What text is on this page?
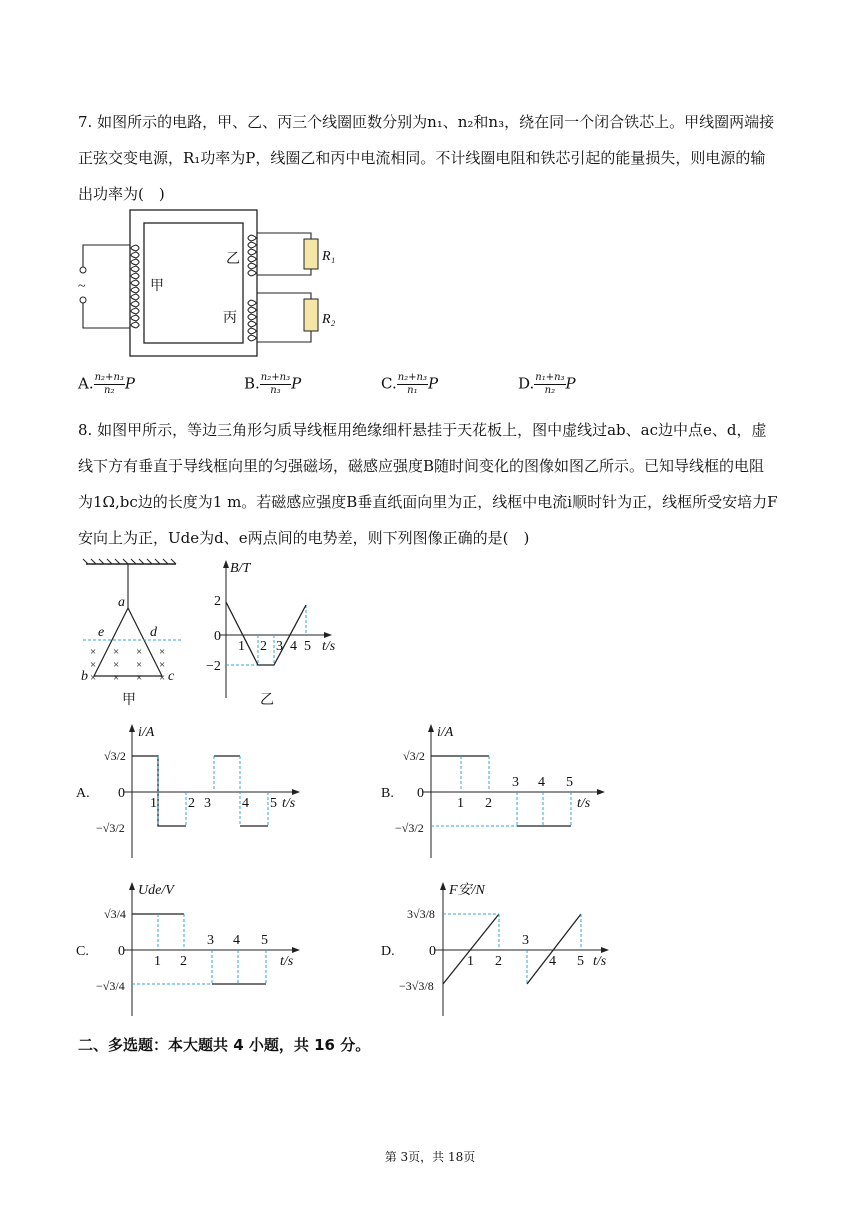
7. 如图所示的电路，甲、乙、丙三个线圈匝数分别为n₁、n₂和n₃，绕在同一个闭合铁芯上。甲线圈两端接正弦交变电源，R₁功率为P，线圈乙和丙中电流相同。不计线圈电阻和铁芯引起的能量损失，则电源的输出功率为(　)
~	甲
乙
丙
R₁
R₂
A. $\frac{\text{n₂+n₃}}{\text{n₂}}$ P	B. $\frac{\text{n₂+n₃}}{\text{n₃}}$ P	C. $\frac{\text{n₂+n₃}}{\text{n₁}}$ P	D. $\frac{\text{n₁+n₃}}{\text{n₂}}$ P
8. 如图甲所示，等边三角形匀质导线框用绝缘细杆悬挂于天花板上，图中虚线过ab、ac边中点e、d，虚线下方有垂直于导线框向里的匀强磁场，磁感应强度B随时间变化的图像如图乙所示。已知导线框的电阻为1Ω,bc边的长度为1 m。若磁感应强度B垂直纸面向里为正，线框中电流i顺时针为正，线框所受安培力F安向上为正，Ude为d、e两点间的电势差，则下列图像正确的是(　)
× × × ×
× × × ×
× × × ×
a
e	d
b	c
甲
B/T
2
0
−2
1 2 3 4 5 t/s
乙
A.
i/A
√3/2
0
−√3/2
1 2 3 4 5 t/s
B.
i/A
√3/2
0
−√3/2
1 2
3 4 5
t/s
C.
Ude/V
√3/4
0
−√3/4
1 2
3 4 5
t/s
D.
F安/N
3√3/8
0
−3√3/8
1 2
3
4 5 t/s
二、多选题：本大题共 4 小题，共 16 分。
第 3页，共 18页
